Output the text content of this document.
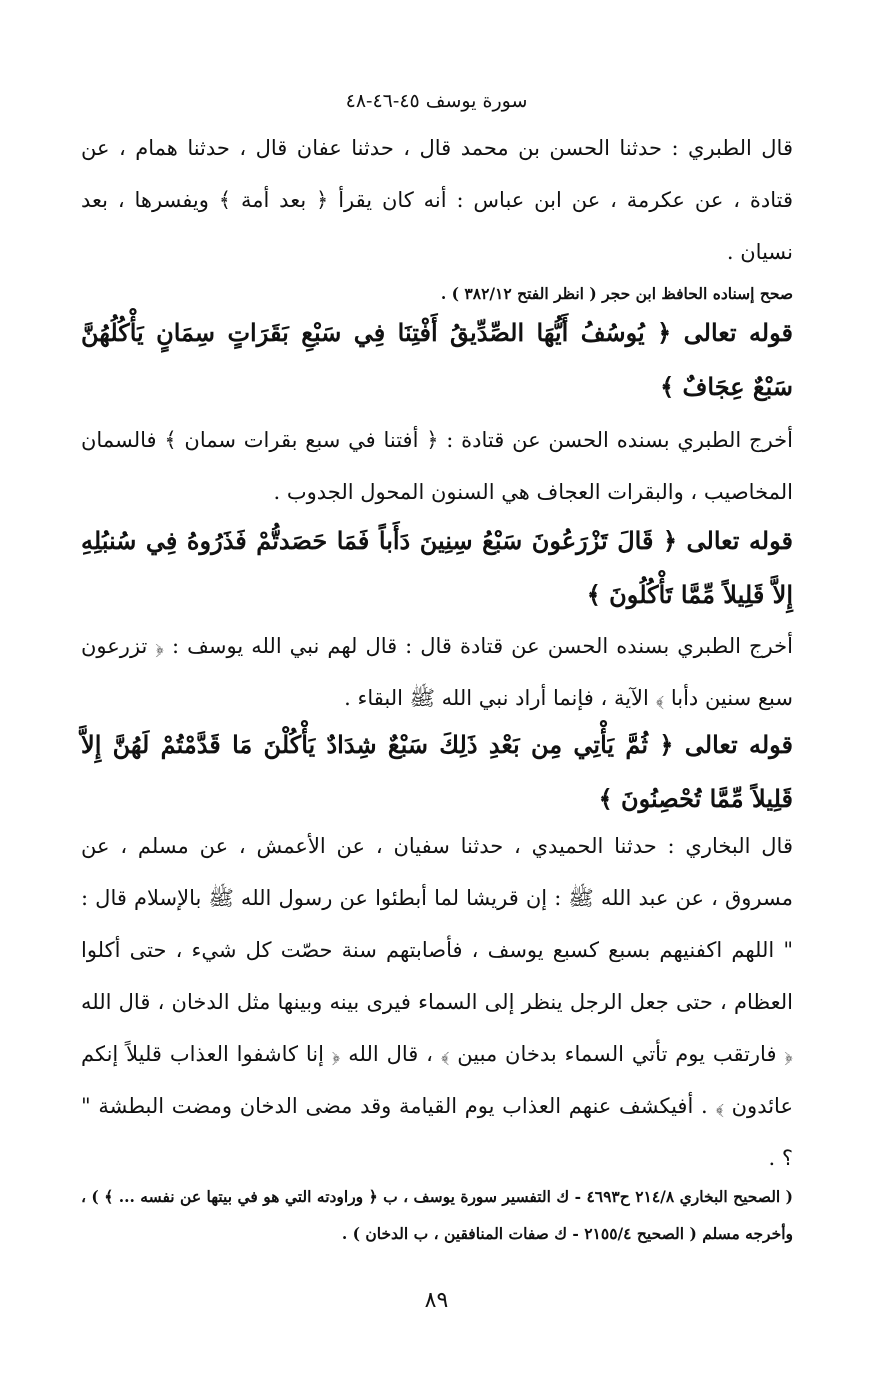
سورة يوسف ٤٥-٤٦-٤٨
قال الطبري : حدثنا الحسن بن محمد قال ، حدثنا عفان قال ، حدثنا همام ، عن قتادة ، عن عكرمة ، عن ابن عباس : أنه كان يقرأ ﴿ بعد أمة ﴾ ويفسرها ، بعد نسيان .
صحح إسناده الحافظ ابن حجر ( انظر الفتح ٣٨٢/١٢ ) .
قوله تعالى ﴿ يُوسُفُ أَيُّهَا الصِّدِّيقُ أَفْتِنَا فِي سَبْعِ بَقَرَاتٍ سِمَانٍ يَأْكُلُهُنَّ سَبْعٌ عِجَافٌ ﴾
أخرج الطبري بسنده الحسن عن قتادة : ﴿ أفتنا في سبع بقرات سمان ﴾ فالسمان المخاصيب ، والبقرات العجاف هي السنون المحول الجدوب .
قوله تعالى ﴿ قَالَ تَزْرَعُونَ سَبْعُ سِنِينَ دَأَباً فَمَا حَصَدتُّمْ فَذَرُوهُ فِي سُنبُلِهِ إِلاَّ قَلِيلاً مِّمَّا تَأْكُلُونَ ﴾
أخرج الطبري بسنده الحسن عن قتادة قال : قال لهم نبي الله يوسف : ﴿ تزرعون سبع سنين دأبا ﴾ الآية ، فإنما أراد نبي الله ﷺ البقاء .
قوله تعالى ﴿ ثُمَّ يَأْتِي مِن بَعْدِ ذَلِكَ سَبْعٌ شِدَادٌ يَأْكُلْنَ مَا قَدَّمْتُمْ لَهُنَّ إِلاَّ قَلِيلاً مِّمَّا تُحْصِنُونَ ﴾
قال البخاري : حدثنا الحميدي ، حدثنا سفيان ، عن الأعمش ، عن مسلم ، عن مسروق ، عن عبد الله ﷺ : إن قريشا لما أبطئوا عن رسول الله ﷺ بالإسلام قال : " اللهم اكفنيهم بسبع كسبع يوسف ، فأصابتهم سنة حصّت كل شيء ، حتى أكلوا العظام ، حتى جعل الرجل ينظر إلى السماء فيرى بينه وبينها مثل الدخان ، قال الله ﴿ فارتقب يوم تأتي السماء بدخان مبين ﴾ ، قال الله ﴿ إنا كاشفوا العذاب قليلاً إنكم عائدون ﴾ . أفيكشف عنهم العذاب يوم القيامة وقد مضى الدخان ومضت البطشة " ؟ .
( الصحيح البخاري ٢١٤/٨ ح٤٦٩٣ - ك التفسير سورة يوسف ، ب ﴿ وراودته التي هو في بيتها عن نفسه ... ﴾ ) ، وأخرجه مسلم ( الصحيح ٢١٥٥/٤ - ك صفات المنافقين ، ب الدخان ) .
٨٩
